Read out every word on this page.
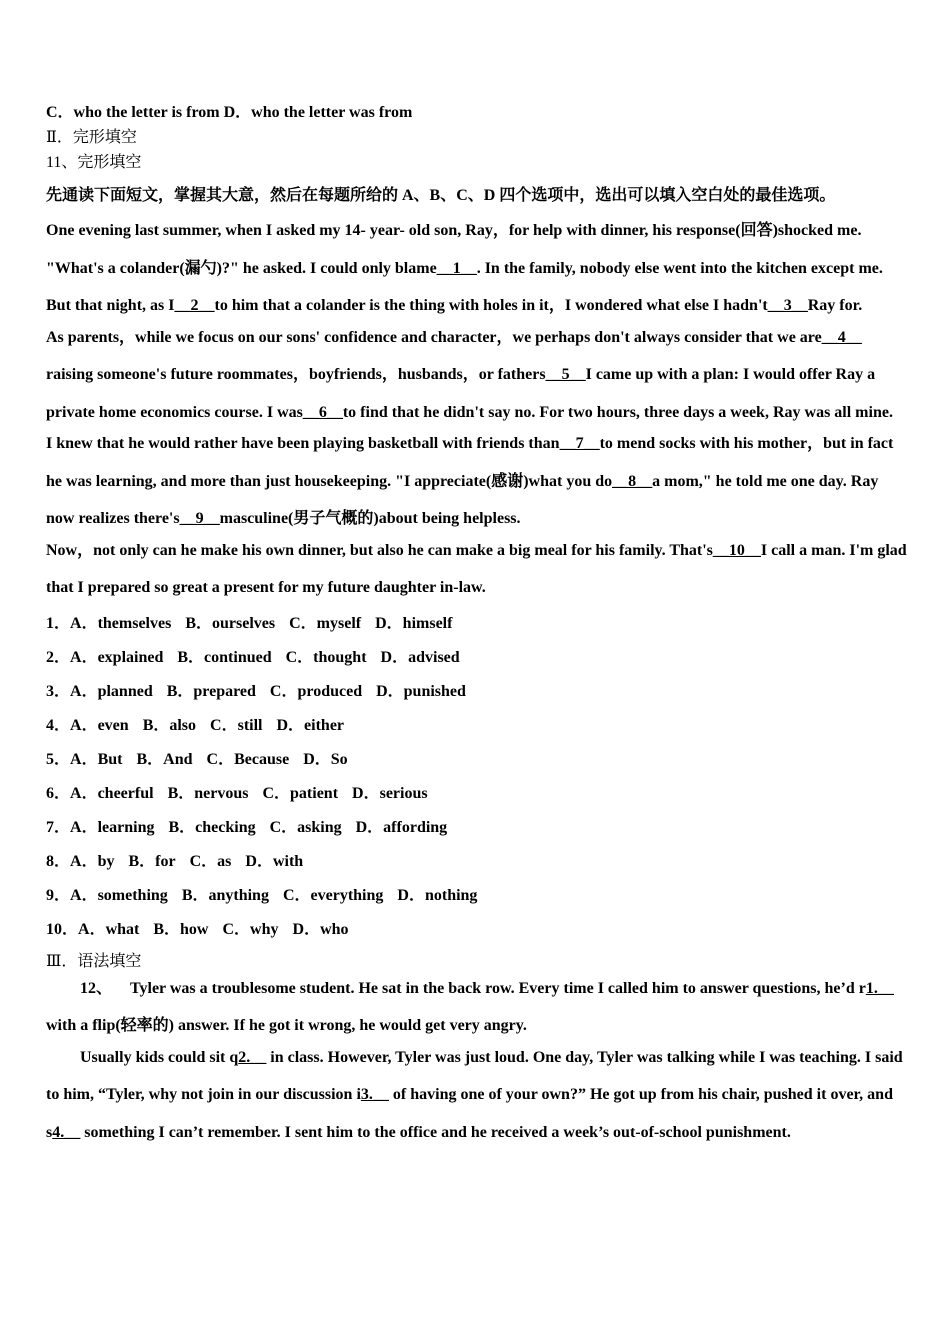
C．who the letter is from D．who the letter was from
Ⅱ．完形填空
11、完形填空
先通读下面短文，掌握其大意，然后在每题所给的 A、B、C、D 四个选项中，选出可以填入空白处的最佳选项。
One evening last summer, when I asked my 14- year- old son, Ray，for help with dinner, his response(回答)shocked me. "What's a colander(漏勺)?" he asked. I could only blame__1__. In the family, nobody else went into the kitchen except me. But that night, as I__2__to him that a colander is the thing with holes in it，I wondered what else I hadn't__3__Ray for.
As parents，while we focus on our sons' confidence and character，we perhaps don't always consider that we are__4__ raising someone's future roommates，boyfriends，husbands，or fathers__5__I came up with a plan: I would offer Ray a private home economics course. I was__6__to find that he didn't say no. For two hours, three days a week, Ray was all mine.
I knew that he would rather have been playing basketball with friends than__7__to mend socks with his mother，but in fact he was learning, and more than just housekeeping. "I appreciate(感谢)what you do__8__a mom," he told me one day. Ray now realizes there's__9__masculine(男子气概的)about being helpless.
Now，not only can he make his own dinner, but also he can make a big meal for his family. That's__10__I call a man. I'm glad that I prepared so great a present for my future daughter in-law.
1．A．themselves B．ourselves C．myself D．himself
2．A．explained B．continued C．thought D．advised
3．A．planned B．prepared C．produced D．punished
4．A．even B．also C．still D．either
5．A．But B．And C．Because D．So
6．A．cheerful B．nervous C．patient D．serious
7．A．learning B．checking C．asking D．affording
8．A．by B．for C．as D．with
9．A．something B．anything C．everything D．nothing
10．A．what B．how C．why D．who
Ⅲ．语法填空
12、 Tyler was a troublesome student. He sat in the back row. Every time I called him to answer questions, he’d r1.__ with a flip(轻率的) answer. If he got it wrong, he would get very angry.
Usually kids could sit q2.__ in class. However, Tyler was just loud. One day, Tyler was talking while I was teaching. I said to him, “Tyler, why not join in our discussion i3.__ of having one of your own?” He got up from his chair, pushed it over, and s4.__ something I can’t remember. I sent him to the office and he received a week’s out-of-school punishment.
